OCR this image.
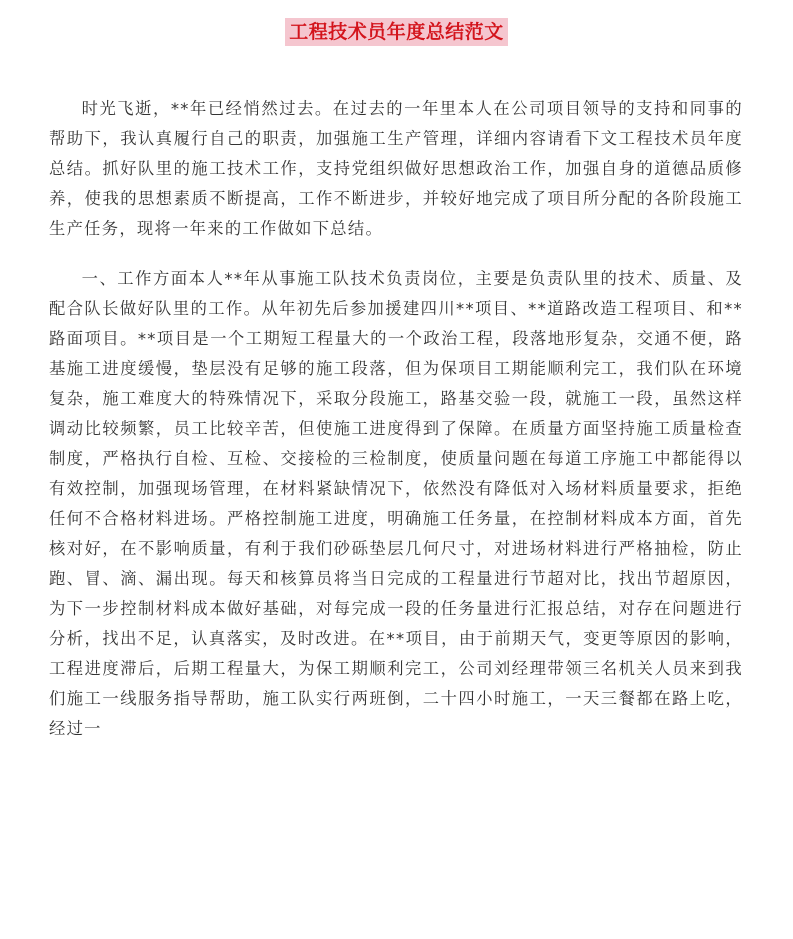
工程技术员年度总结范文

时光飞逝，**年已经悄然过去。在过去的一年里本人在公司项目领导的支持和同事的帮助下，我认真履行自己的职责，加强施工生产管理，详细内容请看下文工程技术员年度总结。抓好队里的施工技术工作，支持党组织做好思想政治工作，加强自身的道德品质修养，使我的思想素质不断提高，工作不断进步，并较好地完成了项目所分配的各阶段施工生产任务，现将一年来的工作做如下总结。

一、工作方面本人**年从事施工队技术负责岗位，主要是负责队里的技术、质量、及配合队长做好队里的工作。从年初先后参加援建四川**项目、**道路改造工程项目、和**路面项目。**项目是一个工期短工程量大的一个政治工程，段落地形复杂，交通不便，路基施工进度缓慢，垫层没有足够的施工段落，但为保项目工期能顺利完工，我们队在环境复杂，施工难度大的特殊情况下，采取分段施工，路基交验一段，就施工一段，虽然这样调动比较频繁，员工比较辛苦，但使施工进度得到了保障。在质量方面坚持施工质量检查制度，严格执行自检、互检、交接检的三检制度，使质量问题在每道工序施工中都能得以有效控制，加强现场管理，在材料紧缺情况下，依然没有降低对入场材料质量要求，拒绝任何不合格材料进场。严格控制施工进度，明确施工任务量，在控制材料成本方面，首先核对好，在不影响质量，有利于我们砂砾垫层几何尺寸，对进场材料进行严格抽检，防止跑、冒、滴、漏出现。每天和核算员将当日完成的工程量进行节超对比，找出节超原因，为下一步控制材料成本做好基础，对每完成一段的任务量进行汇报总结，对存在问题进行分析，找出不足，认真落实，及时改进。在**项目，由于前期天气，变更等原因的影响，工程进度滞后，后期工程量大，为保工期顺利完工，公司刘经理带领三名机关人员来到我们施工一线服务指导帮助，施工队实行两班倒，二十四小时施工，一天三餐都在路上吃，经过一
